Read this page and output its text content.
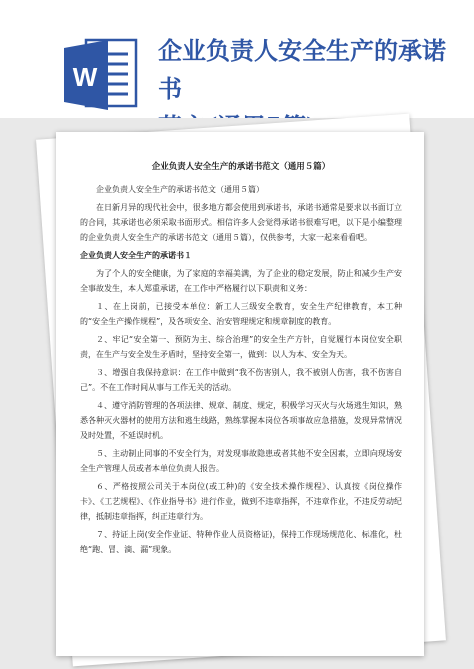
W
企业负责人安全生产的承诺书
企业负责人安全生产的承诺书范文（通用５篇）
企业负责人安全生产的承诺书范文（通用５篇）
在日新月异的现代社会中，很多地方都会使用到承诺书，承诺书通常是要求以书面订立的合同，其承诺也必须采取书面形式。相信许多人会觉得承诺书很难写吧，以下是小编整理的企业负责人安全生产的承诺书范文（通用５篇），仅供参考，大家一起来看看吧。
企业负责人安全生产的承诺书１
为了个人的安全健康，为了家庭的幸福美满，为了企业的稳定发展，防止和减少生产安全事故发生，本人郑重承诺，在工作中严格履行以下职责和义务：
１、在上岗前，已接受本单位：新工人三级安全教育，安全生产纪律教育，本工种的“安全生产操作规程”，及各项安全、治安管理规定和规章制度的教育。
２、牢记“安全第一、预防为主、综合治理”的安全生产方针，自觉履行本岗位安全职责，在生产与安全发生矛盾时，坚持安全第一，做到：以人为本、安全为天。
３、增强自我保持意识：在工作中做到“我不伤害别人，我不被别人伤害，我不伤害自己”。不在工作时间从事与工作无关的活动。
４、遵守消防管理的各项法律、规章、制度、规定，积极学习灭火与火场逃生知识，熟悉各种灭火器材的使用方法和逃生线路，熟练掌握本岗位各项事故应急措施，发现异常情况及时处置，不延误时机。
５、主动制止同事的不安全行为，对发现事故隐患或者其他不安全因素，立即向现场安全生产管理人员或者本单位负责人报告。
６、严格按照公司关于本岗位(或工种)的《安全技术操作规程》、认真按《岗位操作卡》、《工艺规程》、《作业指导书》进行作业，做到不违章指挥，不违章作业，不违反劳动纪律，抵制违章指挥，纠正违章行为。
７、持证上岗(安全作业证、特种作业人员资格证)，保持工作现场规范化、标准化，杜绝“跑、冒、滴、漏”现象。
